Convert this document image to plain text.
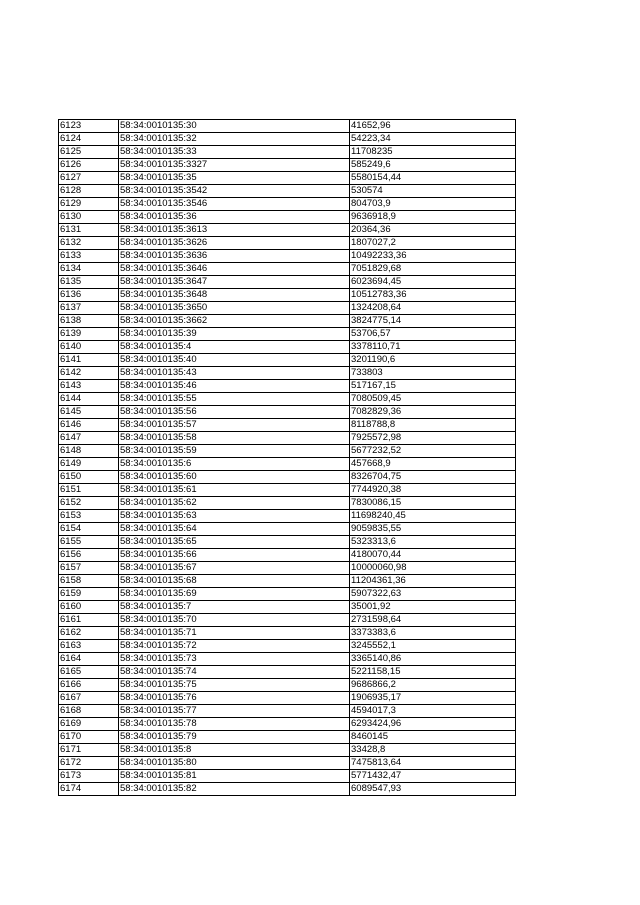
6123	58:34:0010135:30	41652,96
6124	58:34:0010135:32	54223,34
6125	58:34:0010135:33	11708235
6126	58:34:0010135:3327	585249,6
6127	58:34:0010135:35	5580154,44
6128	58:34:0010135:3542	530574
6129	58:34:0010135:3546	804703,9
6130	58:34:0010135:36	9636918,9
6131	58:34:0010135:3613	20364,36
6132	58:34:0010135:3626	1807027,2
6133	58:34:0010135:3636	10492233,36
6134	58:34:0010135:3646	7051829,68
6135	58:34:0010135:3647	6023694,45
6136	58:34:0010135:3648	10512783,36
6137	58:34:0010135:3650	1324208,64
6138	58:34:0010135:3662	3824775,14
6139	58:34:0010135:39	53706,57
6140	58:34:0010135:4	3378110,71
6141	58:34:0010135:40	3201190,6
6142	58:34:0010135:43	733803
6143	58:34:0010135:46	517167,15
6144	58:34:0010135:55	7080509,45
6145	58:34:0010135:56	7082829,36
6146	58:34:0010135:57	8118788,8
6147	58:34:0010135:58	7925572,98
6148	58:34:0010135:59	5677232,52
6149	58:34:0010135:6	457668,9
6150	58:34:0010135:60	8326704,75
6151	58:34:0010135:61	7744920,38
6152	58:34:0010135:62	7830086,15
6153	58:34:0010135:63	11698240,45
6154	58:34:0010135:64	9059835,55
6155	58:34:0010135:65	5323313,6
6156	58:34:0010135:66	4180070,44
6157	58:34:0010135:67	10000060,98
6158	58:34:0010135:68	11204361,36
6159	58:34:0010135:69	5907322,63
6160	58:34:0010135:7	35001,92
6161	58:34:0010135:70	2731598,64
6162	58:34:0010135:71	3373383,6
6163	58:34:0010135:72	3245552,1
6164	58:34:0010135:73	3365140,86
6165	58:34:0010135:74	5221158,15
6166	58:34:0010135:75	9686866,2
6167	58:34:0010135:76	1906935,17
6168	58:34:0010135:77	4594017,3
6169	58:34:0010135:78	6293424,96
6170	58:34:0010135:79	8460145
6171	58:34:0010135:8	33428,8
6172	58:34:0010135:80	7475813,64
6173	58:34:0010135:81	5771432,47
6174	58:34:0010135:82	6089547,93
